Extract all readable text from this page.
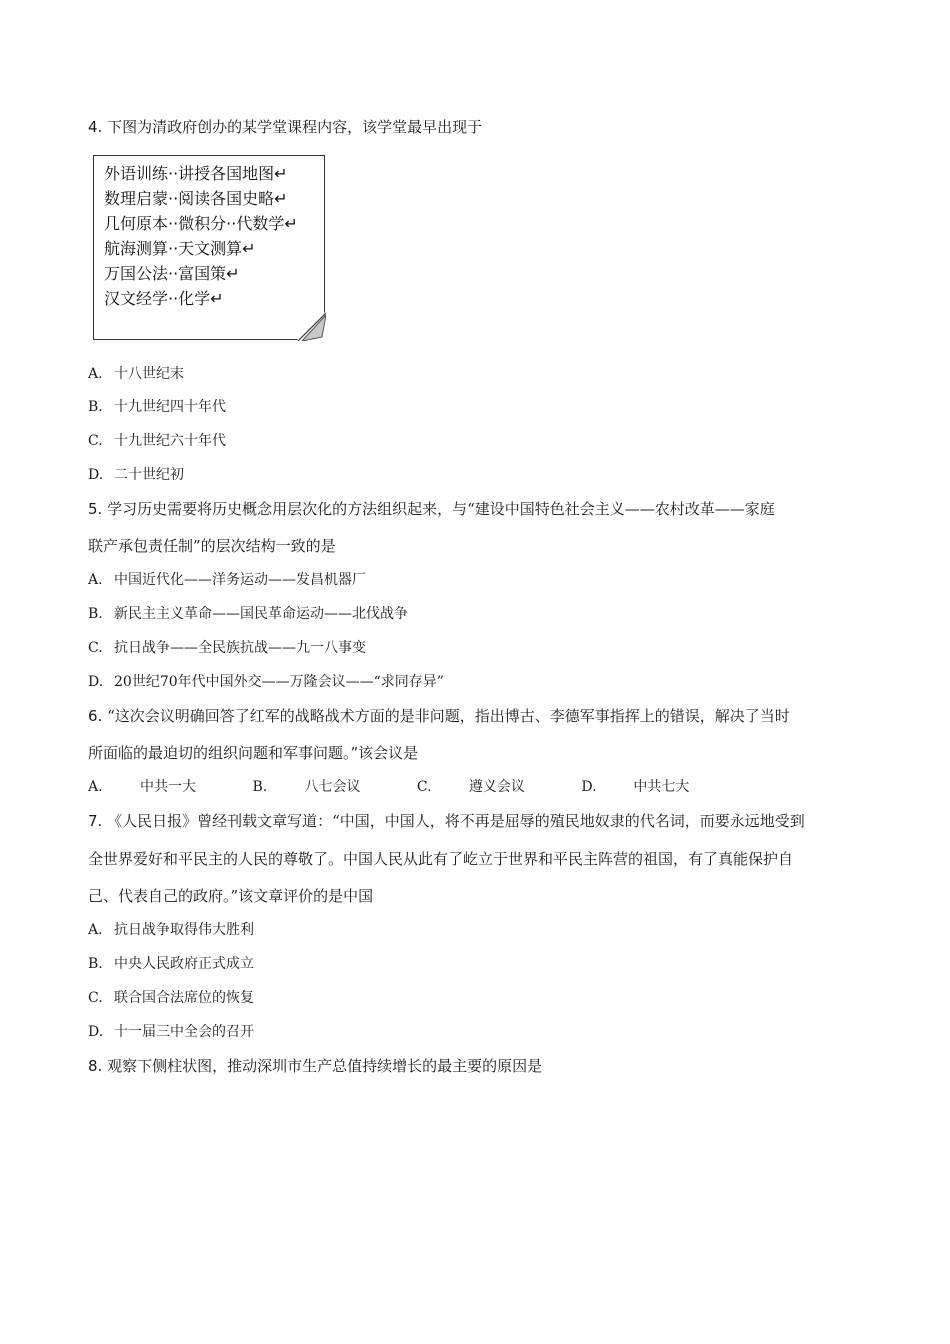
4. 下图为清政府创办的某学堂课程内容，该学堂最早出现于
外语训练··讲授各国地图↵
数理启蒙··阅读各国史略↵
几何原本··微积分··代数学↵
航海测算··天文测算↵
万国公法··富国策↵
汉文经学··化学↵
A. 十八世纪末
B. 十九世纪四十年代
C. 十九世纪六十年代
D. 二十世纪初
5. 学习历史需要将历史概念用层次化的方法组织起来，与“建设中国特色社会主义——农村改革——家庭
联产承包责任制”的层次结构一致的是
A. 中国近代化——洋务运动——发昌机器厂
B. 新民主主义革命——国民革命运动——北伐战争
C. 抗日战争——全民族抗战——九一八事变
D. 20世纪70年代中国外交——万隆会议——“求同存异”
6. “这次会议明确回答了红军的战略战术方面的是非问题，指出博古、李德军事指挥上的错误，解决了当时
所面临的最迫切的组织问题和军事问题。”该会议是
A.	中共一大	B.	八七会议	C.	遵义会议	D.	中共七大
7. 《人民日报》曾经刊载文章写道：“中国，中国人，将不再是屈辱的殖民地奴隶的代名词，而要永远地受到
全世界爱好和平民主的人民的尊敬了。中国人民从此有了屹立于世界和平民主阵营的祖国，有了真能保护自
己、代表自己的政府。”该文章评价的是中国
A. 抗日战争取得伟大胜利
B. 中央人民政府正式成立
C. 联合国合法席位的恢复
D. 十一届三中全会的召开
8. 观察下侧柱状图，推动深圳市生产总值持续增长的最主要的原因是
